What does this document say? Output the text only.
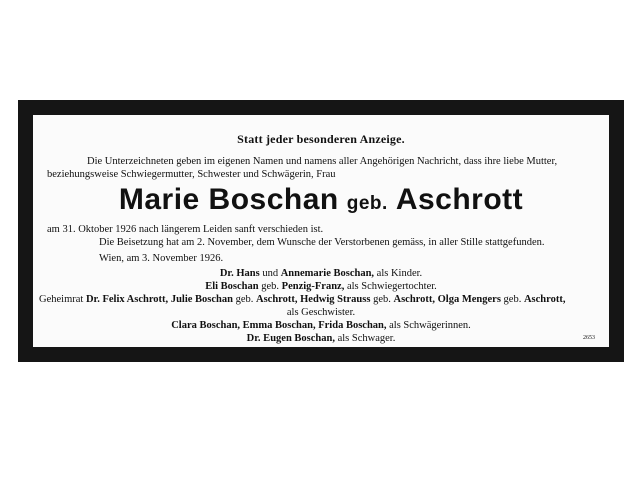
Statt jeder besonderen Anzeige.
Die Unterzeichneten geben im eigenen Namen und namens aller Angehörigen Nachricht, dass ihre liebe Mutter, beziehungsweise Schwiegermutter, Schwester und Schwägerin, Frau
Marie Boschan geb. Aschrott
am 31. Oktober 1926 nach längerem Leiden sanft verschieden ist.
Die Beisetzung hat am 2. November, dem Wunsche der Verstorbenen gemäss, in aller Stille stattgefunden.
Wien, am 3. November 1926.
Dr. Hans und Annemarie Boschan, als Kinder.
Eli Boschan geb. Penzig-Franz, als Schwiegertochter.
Geheimrat Dr. Felix Aschrott, Julie Boschan geb. Aschrott, Hedwig Strauss geb. Aschrott, Olga Mengers geb. Aschrott,
als Geschwister.
Clara Boschan, Emma Boschan, Frida Boschan, als Schwägerinnen.
Dr. Eugen Boschan, als Schwager.	2653
